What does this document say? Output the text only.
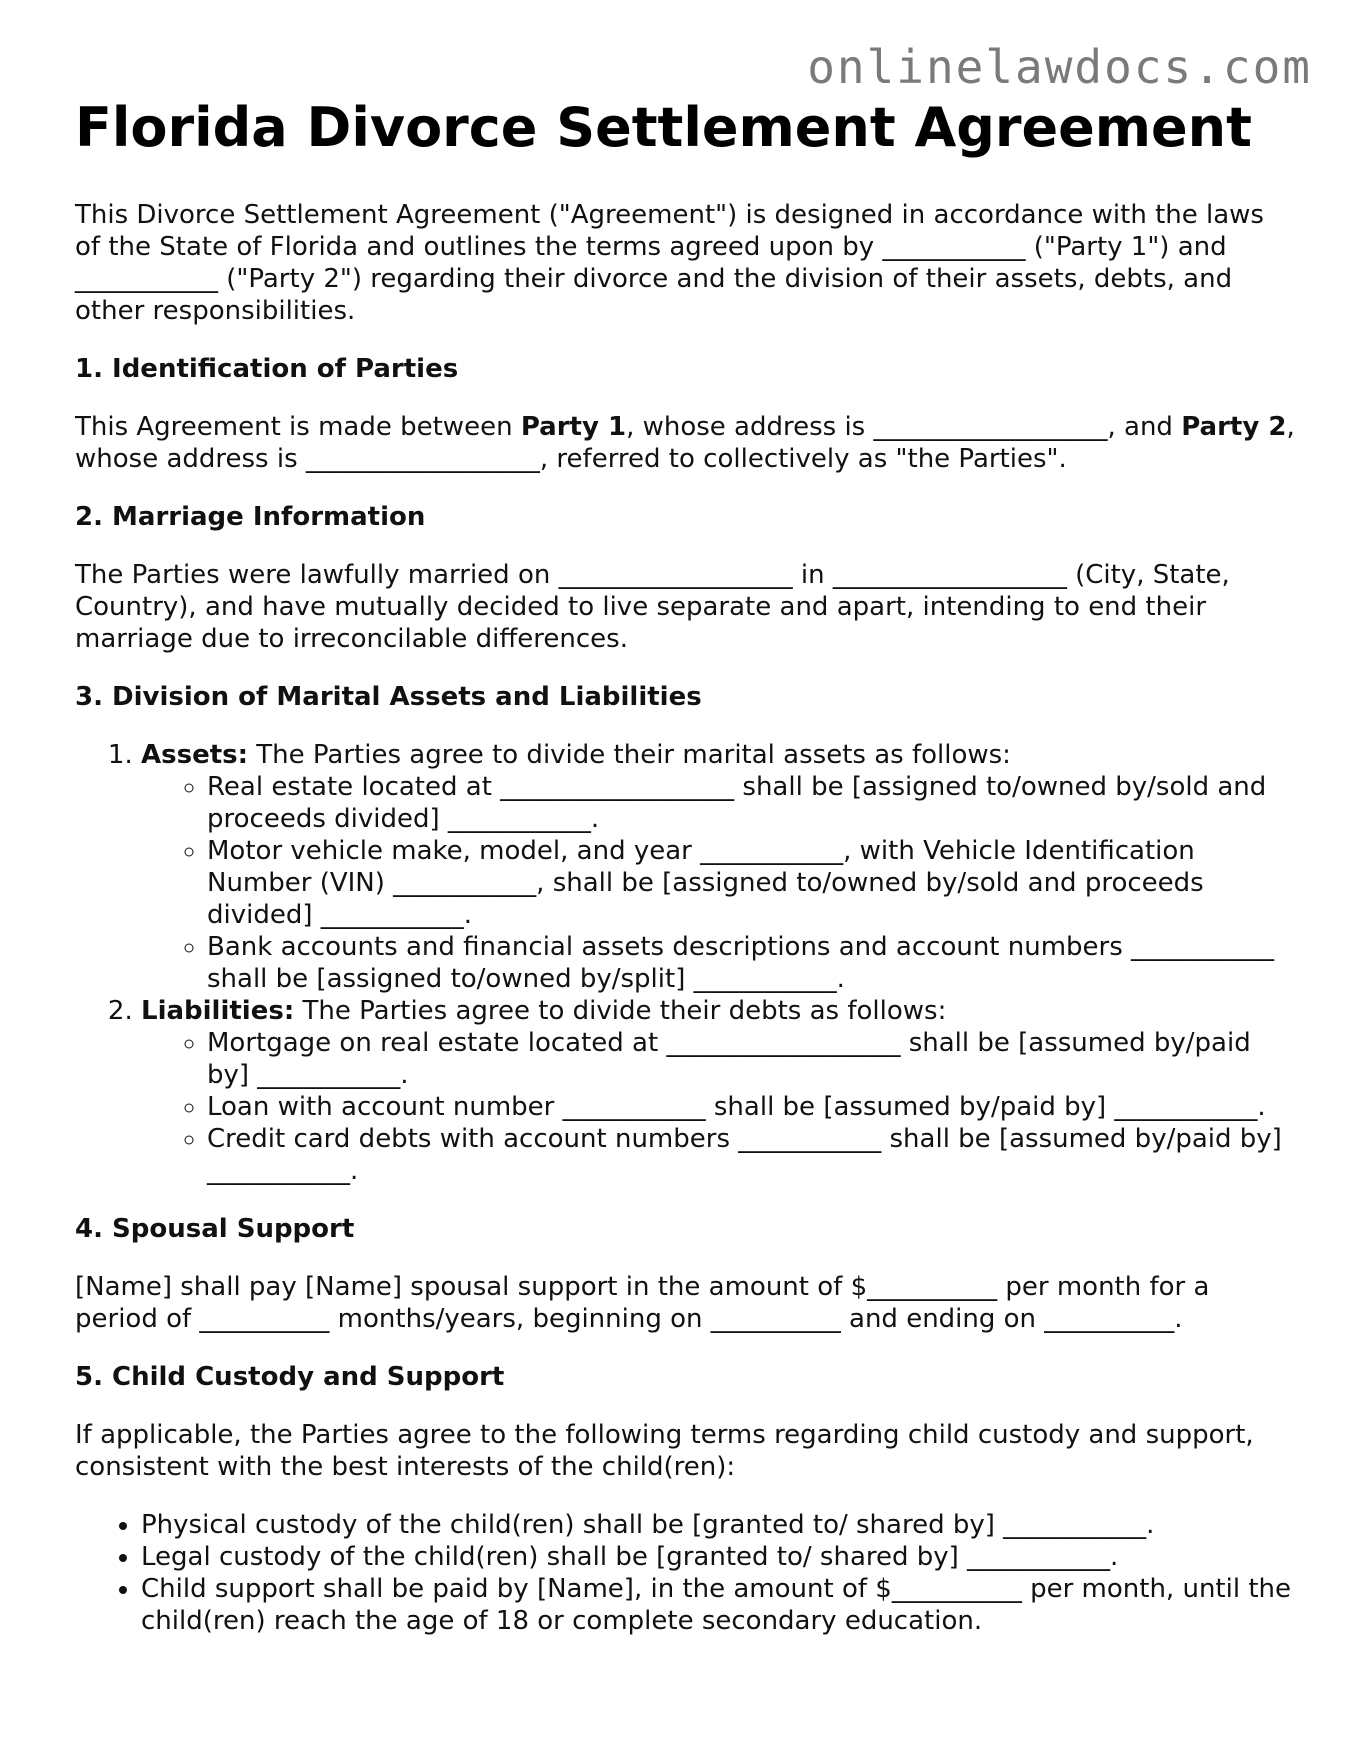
onlinelawdocs.com
Florida Divorce Settlement Agreement

This Divorce Settlement Agreement ("Agreement") is designed in accordance with the laws of the State of Florida and outlines the terms agreed upon by ___________ ("Party 1") and ___________ ("Party 2") regarding their divorce and the division of their assets, debts, and other responsibilities.

1. Identification of Parties

This Agreement is made between Party 1, whose address is __________________, and Party 2, whose address is __________________, referred to collectively as "the Parties".

2. Marriage Information

The Parties were lawfully married on __________________ in __________________ (City, State, Country), and have mutually decided to live separate and apart, intending to end their marriage due to irreconcilable differences.

3. Division of Marital Assets and Liabilities
1. Assets: The Parties agree to divide their marital assets as follows:
◦ Real estate located at __________________ shall be [assigned to/owned by/sold and proceeds divided] ___________.
◦ Motor vehicle make, model, and year ___________, with Vehicle Identification Number (VIN) ___________, shall be [assigned to/owned by/sold and proceeds divided] ___________.
◦ Bank accounts and financial assets descriptions and account numbers ___________ shall be [assigned to/owned by/split] ___________.
2. Liabilities: The Parties agree to divide their debts as follows:
◦ Mortgage on real estate located at __________________ shall be [assumed by/paid by] ___________.
◦ Loan with account number ___________ shall be [assumed by/paid by] ___________.
◦ Credit card debts with account numbers ___________ shall be [assumed by/paid by] ___________.
4. Spousal Support

[Name] shall pay [Name] spousal support in the amount of $__________ per month for a period of __________ months/years, beginning on __________ and ending on __________.

5. Child Custody and Support

If applicable, the Parties agree to the following terms regarding child custody and support, consistent with the best interests of the child(ren):

• Physical custody of the child(ren) shall be [granted to/ shared by] ___________.
• Legal custody of the child(ren) shall be [granted to/ shared by] ___________.
• Child support shall be paid by [Name], in the amount of $__________ per month, until the child(ren) reach the age of 18 or complete secondary education.
